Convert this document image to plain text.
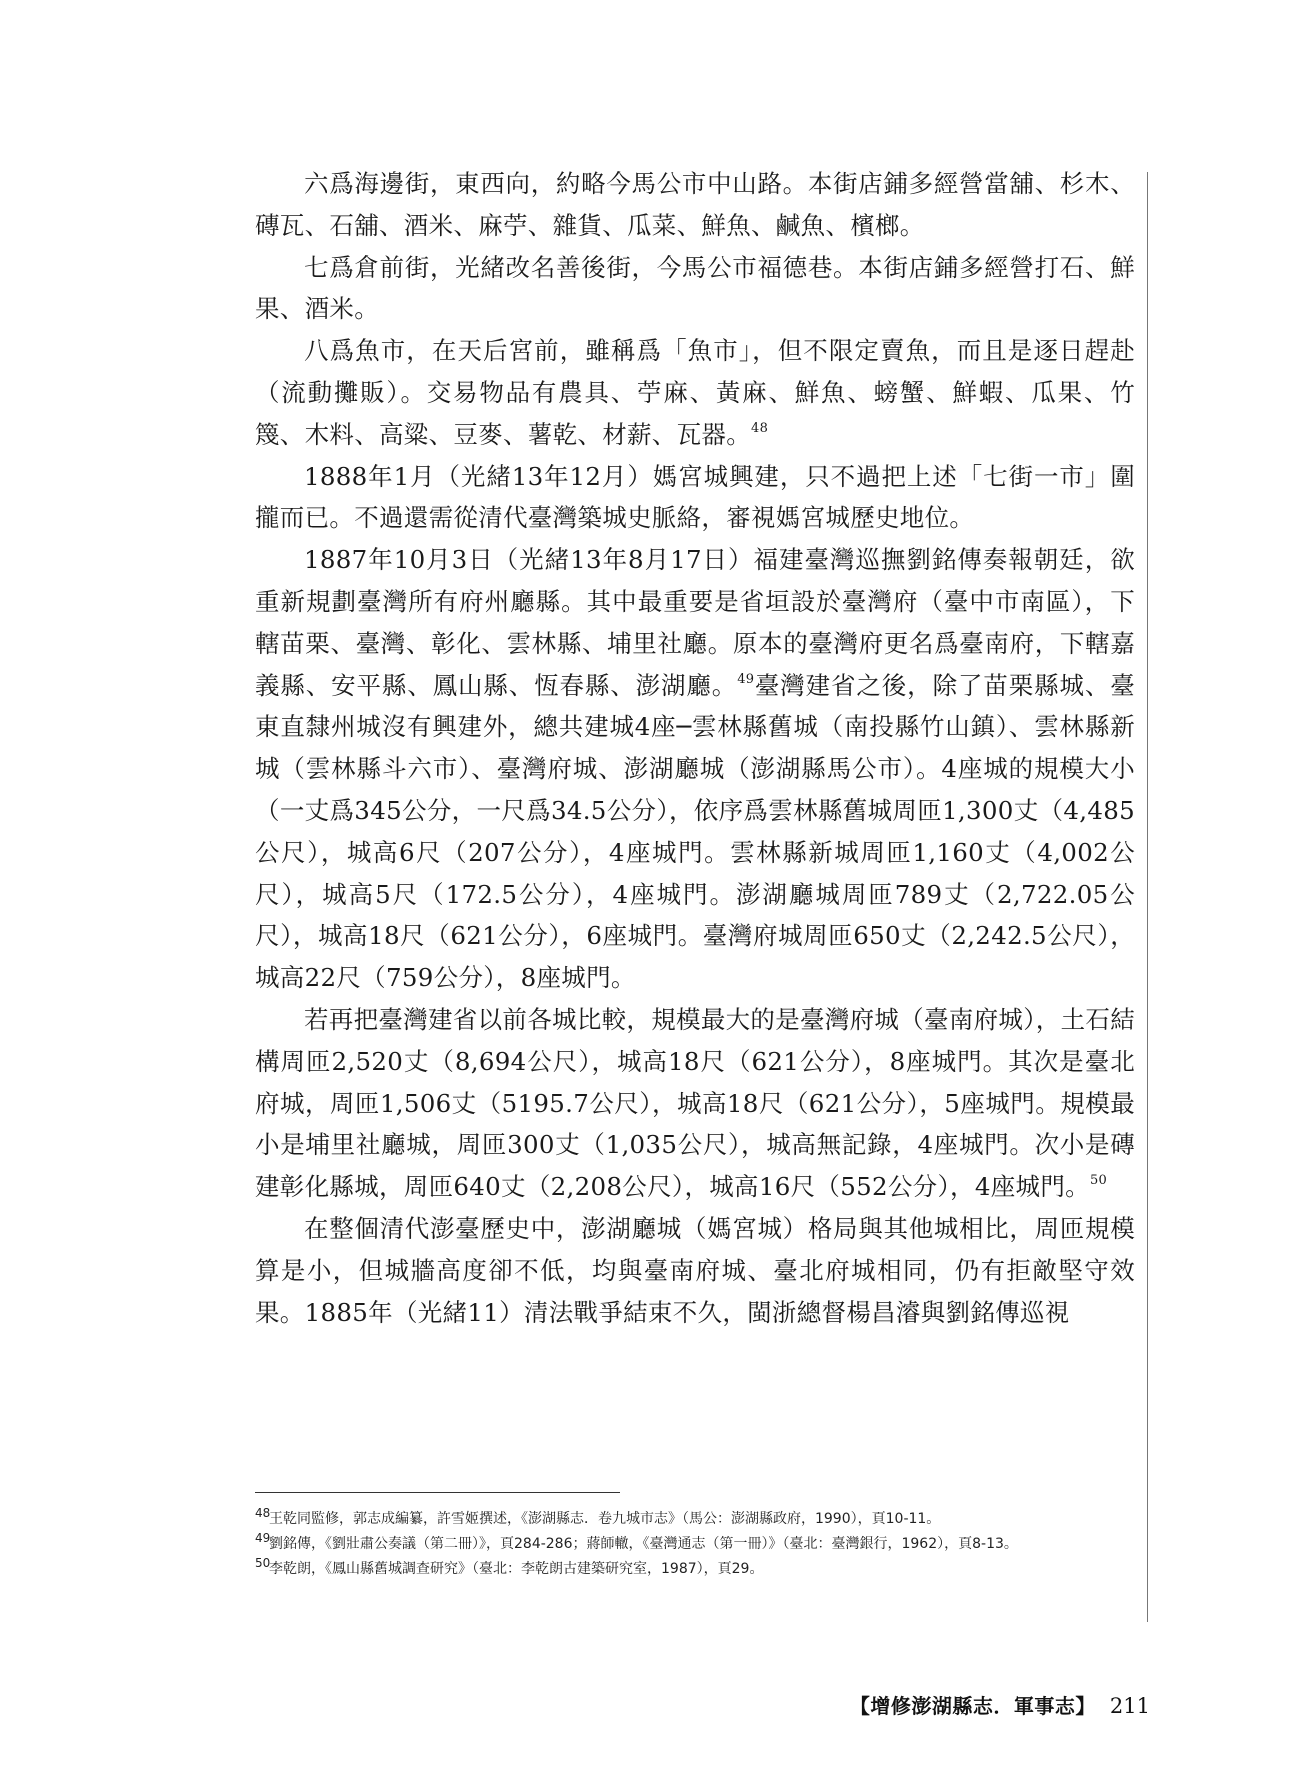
六爲海邊街，東西向，約略今馬公市中山路。本街店鋪多經營當舖、杉木、磚瓦、石舖、酒米、麻苧、雜貨、瓜菜、鮮魚、鹹魚、檳榔。

七爲倉前街，光緒改名善後街，今馬公市福德巷。本街店鋪多經營打石、鮮果、酒米。

八爲魚市，在天后宮前，雖稱爲「魚市」，但不限定賣魚，而且是逐日趕赴（流動攤販）。交易物品有農具、苧麻、黃麻、鮮魚、螃蟹、鮮蝦、瓜果、竹篾、木料、高粱、豆麥、薯乾、材薪、瓦器。$^{48}$

1888年1月（光緒13年12月）媽宮城興建，只不過把上述「七街一市」圍攏而已。不過還需從清代臺灣築城史脈絡，審視媽宮城歷史地位。

1887年10月3日（光緒13年8月17日）福建臺灣巡撫劉銘傳奏報朝廷，欲重新規劃臺灣所有府州廳縣。其中最重要是省垣設於臺灣府（臺中市南區），下轄苗栗、臺灣、彰化、雲林縣、埔里社廳。原本的臺灣府更名爲臺南府，下轄嘉義縣、安平縣、鳳山縣、恆春縣、澎湖廳。$^{49}$臺灣建省之後，除了苗栗縣城、臺東直隸州城沒有興建外，總共建城4座─雲林縣舊城（南投縣竹山鎮）、雲林縣新城（雲林縣斗六市）、臺灣府城、澎湖廳城（澎湖縣馬公市）。4座城的規模大小（一丈爲345公分，一尺爲34.5公分），依序爲雲林縣舊城周匝1,300丈（4,485公尺），城高6尺（207公分），4座城門。雲林縣新城周匝1,160丈（4,002公尺），城高5尺（172.5公分），4座城門。澎湖廳城周匝789丈（2,722.05公尺），城高18尺（621公分），6座城門。臺灣府城周匝650丈（2,242.5公尺），城高22尺（759公分），8座城門。

若再把臺灣建省以前各城比較，規模最大的是臺灣府城（臺南府城），土石結構周匝2,520丈（8,694公尺），城高18尺（621公分），8座城門。其次是臺北府城，周匝1,506丈（5195.7公尺），城高18尺（621公分），5座城門。規模最小是埔里社廳城，周匝300丈（1,035公尺），城高無記錄，4座城門。次小是磚建彰化縣城，周匝640丈（2,208公尺），城高16尺（552公分），4座城門。$^{50}$

在整個清代澎臺歷史中，澎湖廳城（媽宮城）格局與其他城相比，周匝規模算是小，但城牆高度卻不低，均與臺南府城、臺北府城相同，仍有拒敵堅守效果。1885年（光緒11）清法戰爭結束不久，閩浙總督楊昌濬與劉銘傳巡視

48
王乾同監修，郭志成編纂，許雪姬撰述，《澎湖縣志．卷九城市志》（馬公：澎湖縣政府，1990），頁10-11。
49
劉銘傳，《劉壯肅公奏議（第二冊）》，頁284-286；蔣師轍，《臺灣通志（第一冊）》（臺北：臺灣銀行，1962），頁8-13。
50
李乾朗，《鳳山縣舊城調查研究》（臺北：李乾朗古建築研究室，1987），頁29。
【增修澎湖縣志．軍事志】 211
